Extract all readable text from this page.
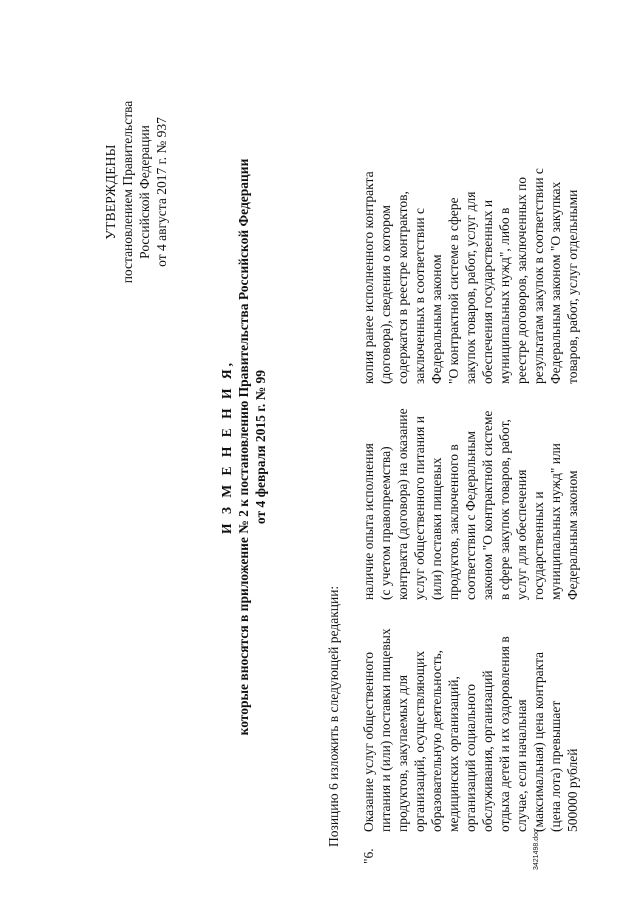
УТВЕРЖДЕНЫ постановлением Правительства Российской Федерации от 4 августа 2017 г. № 937
И З М Е Н Е Н И Я, которые вносятся в приложение № 2 к постановлению Правительства Российской Федерации от 4 февраля 2015 г. № 99
Позицию 6 изложить в следующей редакции:
"6.
Оказание услуг общественного питания и (или) поставки пищевых продуктов, закупаемых для организаций, осуществляющих образовательную деятельность, медицинских организаций, организаций социального обслуживания, организаций отдыха детей и их оздоровления в случае, если начальная (максимальная) цена контракта (цена лота) превышает 500000 рублей
наличие опыта исполнения (с учетом правопреемства) контракта (договора) на оказание услуг общественного питания и (или) поставки пищевых продуктов, заключенного в соответствии с Федеральным законом "О контрактной системе в сфере закупок товаров, работ, услуг для обеспечения государственных и муниципальных нужд" или Федеральным законом
копия ранее исполненного контракта (договора), сведения о котором содержатся в реестре контрактов, заключенных в соответствии с Федеральным законом "О контрактной системе в сфере закупок товаров, работ, услуг для обеспечения государственных и муниципальных нужд", либо в реестре договоров, заключенных по результатам закупок в соответствии с Федеральным законом "О закупках товаров, работ, услуг отдельными
3421498.doc
